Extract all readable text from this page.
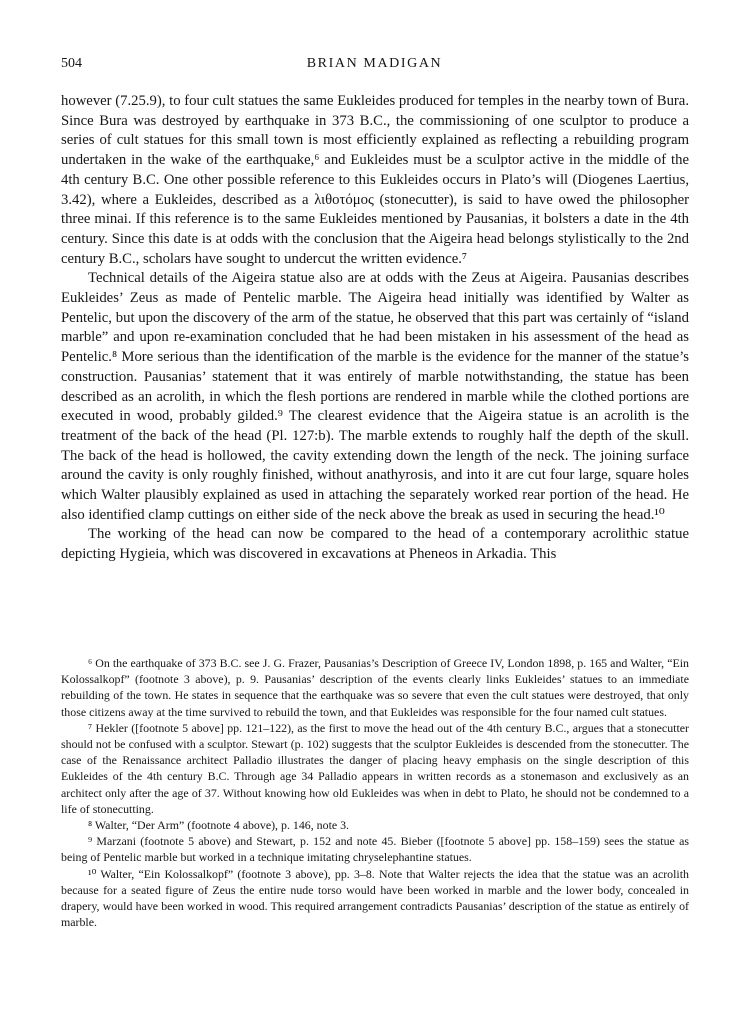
504	BRIAN MADIGAN

however (7.25.9), to four cult statues the same Eukleides produced for temples in the nearby town of Bura. Since Bura was destroyed by earthquake in 373 B.C., the commissioning of one sculptor to produce a series of cult statues for this small town is most efficiently explained as reflecting a rebuilding program undertaken in the wake of the earthquake,⁶ and Eukleides must be a sculptor active in the middle of the 4th century B.C. One other possible reference to this Eukleides occurs in Plato’s will (Diogenes Laertius, 3.42), where a Eukleides, described as a λιθοτόμος (stonecutter), is said to have owed the philosopher three minai. If this reference is to the same Eukleides mentioned by Pausanias, it bolsters a date in the 4th century. Since this date is at odds with the conclusion that the Aigeira head belongs stylistically to the 2nd century B.C., scholars have sought to undercut the written evidence.⁷

Technical details of the Aigeira statue also are at odds with the Zeus at Aigeira. Pausanias describes Eukleides’ Zeus as made of Pentelic marble. The Aigeira head initially was identified by Walter as Pentelic, but upon the discovery of the arm of the statue, he observed that this part was certainly of “island marble” and upon re-examination concluded that he had been mistaken in his assessment of the head as Pentelic.⁸ More serious than the identification of the marble is the evidence for the manner of the statue’s construction. Pausanias’ statement that it was entirely of marble notwithstanding, the statue has been described as an acrolith, in which the flesh portions are rendered in marble while the clothed portions are executed in wood, probably gilded.⁹ The clearest evidence that the Aigeira statue is an acrolith is the treatment of the back of the head (Pl. 127:b). The marble extends to roughly half the depth of the skull. The back of the head is hollowed, the cavity extending down the length of the neck. The joining surface around the cavity is only roughly finished, without anathyrosis, and into it are cut four large, square holes which Walter plausibly explained as used in attaching the separately worked rear portion of the head. He also identified clamp cuttings on either side of the neck above the break as used in securing the head.¹⁰

The working of the head can now be compared to the head of a contemporary acrolithic statue depicting Hygieia, which was discovered in excavations at Pheneos in Arkadia. This

⁶ On the earthquake of 373 B.C. see J. G. Frazer, Pausanias’s Description of Greece IV, London 1898, p. 165 and Walter, “Ein Kolossalkopf” (footnote 3 above), p. 9. Pausanias’ description of the events clearly links Eukleides’ statues to an immediate rebuilding of the town. He states in sequence that the earthquake was so severe that even the cult statues were destroyed, that only those citizens away at the time survived to rebuild the town, and that Eukleides was responsible for the four named cult statues.

⁷ Hekler ([footnote 5 above] pp. 121–122), as the first to move the head out of the 4th century B.C., argues that a stonecutter should not be confused with a sculptor. Stewart (p. 102) suggests that the sculptor Eukleides is descended from the stonecutter. The case of the Renaissance architect Palladio illustrates the danger of placing heavy emphasis on the single description of this Eukleides of the 4th century B.C. Through age 34 Palladio appears in written records as a stonemason and exclusively as an architect only after the age of 37. Without knowing how old Eukleides was when in debt to Plato, he should not be condemned to a life of stonecutting.

⁸ Walter, “Der Arm” (footnote 4 above), p. 146, note 3.

⁹ Marzani (footnote 5 above) and Stewart, p. 152 and note 45. Bieber ([footnote 5 above] pp. 158–159) sees the statue as being of Pentelic marble but worked in a technique imitating chryselephantine statues.

¹⁰ Walter, “Ein Kolossalkopf” (footnote 3 above), pp. 3–8. Note that Walter rejects the idea that the statue was an acrolith because for a seated figure of Zeus the entire nude torso would have been worked in marble and the lower body, concealed in drapery, would have been worked in wood. This required arrangement contradicts Pausanias’ description of the statue as entirely of marble.
